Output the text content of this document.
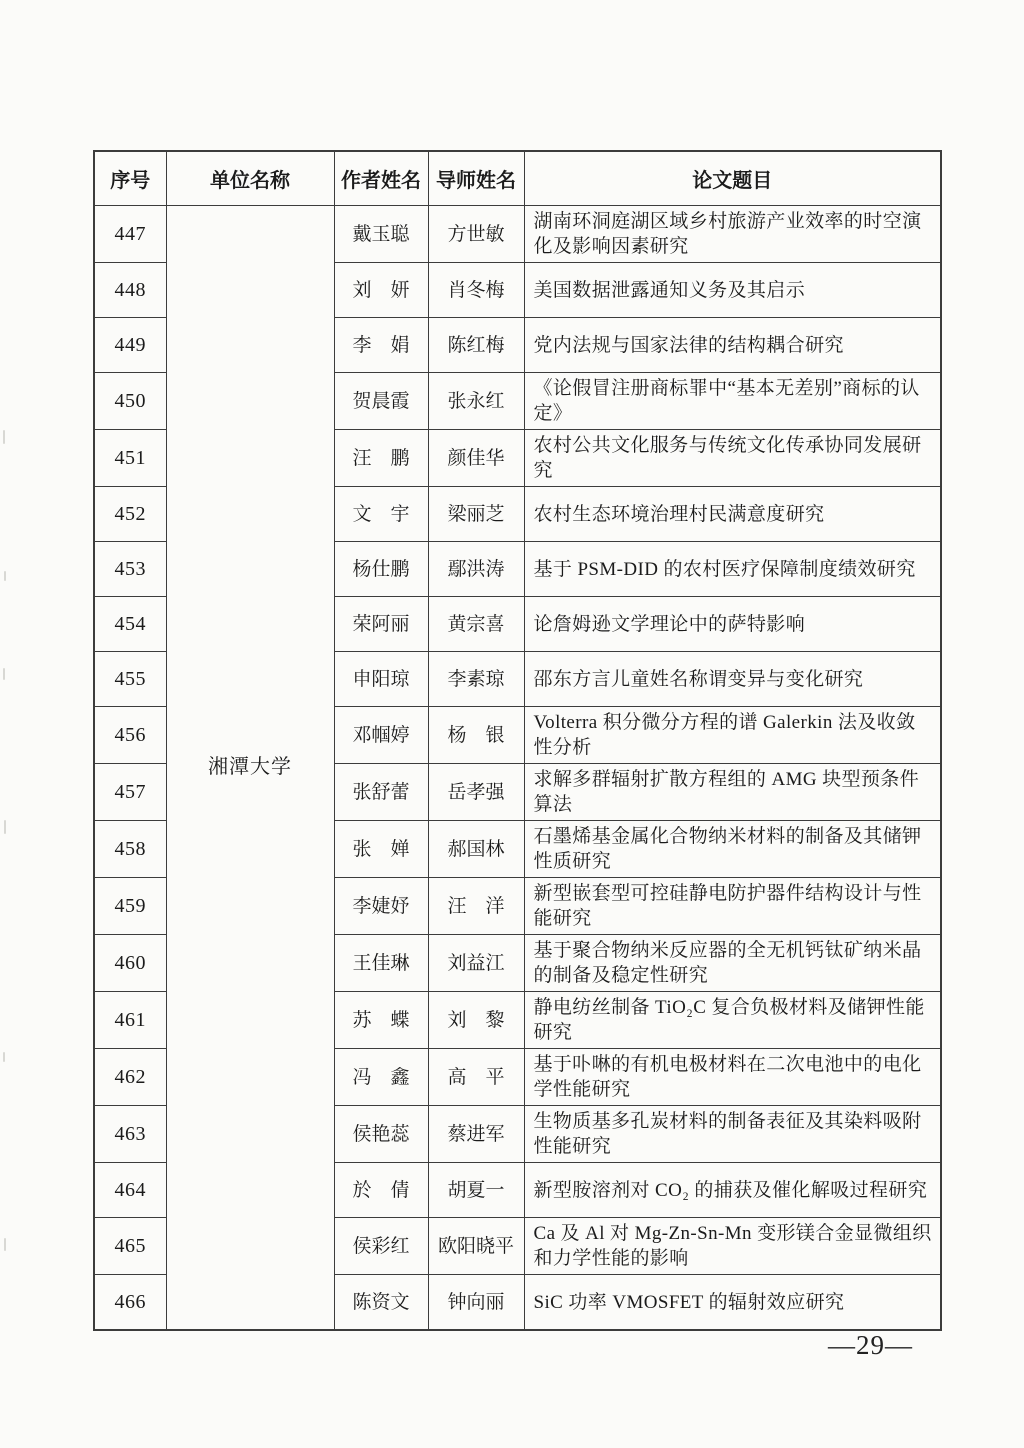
序号	单位名称	作者姓名	导师姓名	论文题目
447	湘潭大学	戴玉聪	方世敏	湖南环洞庭湖区域乡村旅游产业效率的时空演化及影响因素研究
448		刘　妍	肖冬梅	美国数据泄露通知义务及其启示
449		李　娟	陈红梅	党内法规与国家法律的结构耦合研究
450		贺晨霞	张永红	《论假冒注册商标罪中“基本无差别”商标的认定》
451		汪　鹏	颜佳华	农村公共文化服务与传统文化传承协同发展研究
452		文　宇	梁丽芝	农村生态环境治理村民满意度研究
453		杨仕鹏	鄢洪涛	基于 PSM-DID 的农村医疗保障制度绩效研究
454		荣阿丽	黄宗喜	论詹姆逊文学理论中的萨特影响
455		申阳琼	李素琼	邵东方言儿童姓名称谓变异与变化研究
456		邓帼婷	杨　银	Volterra 积分微分方程的谱 Galerkin 法及收敛性分析
457		张舒蕾	岳孝强	求解多群辐射扩散方程组的 AMG 块型预条件算法
458		张　婵	郝国林	石墨烯基金属化合物纳米材料的制备及其储钾性质研究
459		李婕妤	汪　洋	新型嵌套型可控硅静电防护器件结构设计与性能研究
460		王佳琳	刘益江	基于聚合物纳米反应器的全无机钙钛矿纳米晶的制备及稳定性研究
461		苏　蝶	刘　黎	静电纺丝制备 TiO₂C 复合负极材料及储钾性能研究
462		冯　鑫	高　平	基于卟啉的有机电极材料在二次电池中的电化学性能研究
463		侯艳蕊	蔡进军	生物质基多孔炭材料的制备表征及其染料吸附性能研究
464		於　倩	胡夏一	新型胺溶剂对 CO₂ 的捕获及催化解吸过程研究
465		侯彩红	欧阳晓平	Ca 及 Al 对 Mg-Zn-Sn-Mn 变形镁合金显微组织和力学性能的影响
466		陈资文	钟向丽	SiC 功率 VMOSFET 的辐射效应研究
—29—
